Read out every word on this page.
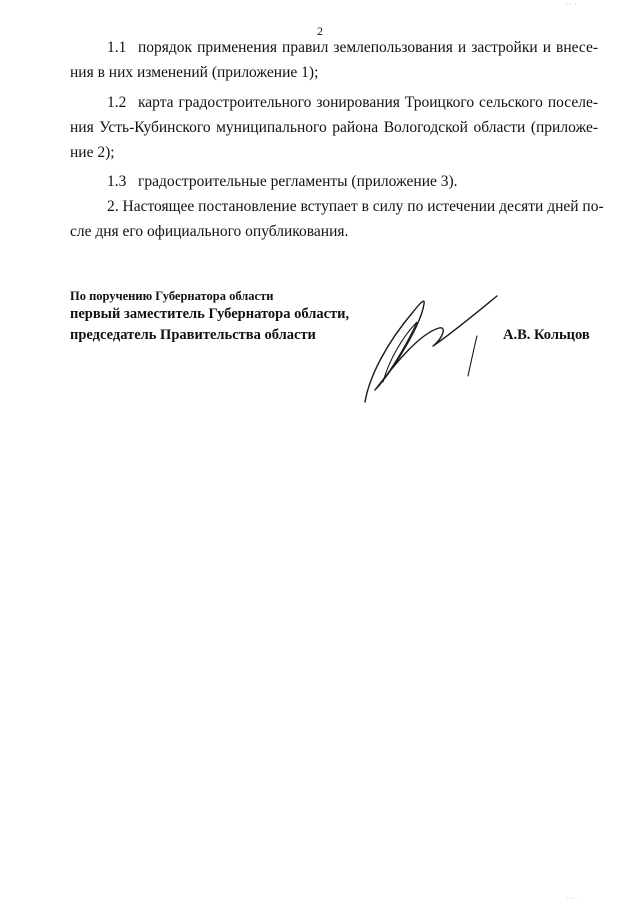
2
1.1 порядок применения правил землепользования и застройки и внесе-
ния в них изменений (приложение 1);
1.2 карта градостроительного зонирования Троицкого сельского поселе-
ния Усть-Кубинского муниципального района Вологодской области (приложе-
ние 2);
1.3 градостроительные регламенты (приложение 3).
2. Настоящее постановление вступает в силу по истечении десяти дней по-
сле дня его официального опубликования.
По поручению Губернатора области
первый заместитель Губернатора области,
председатель Правительства области	А.В. Кольцов
·· ·
··· ·
